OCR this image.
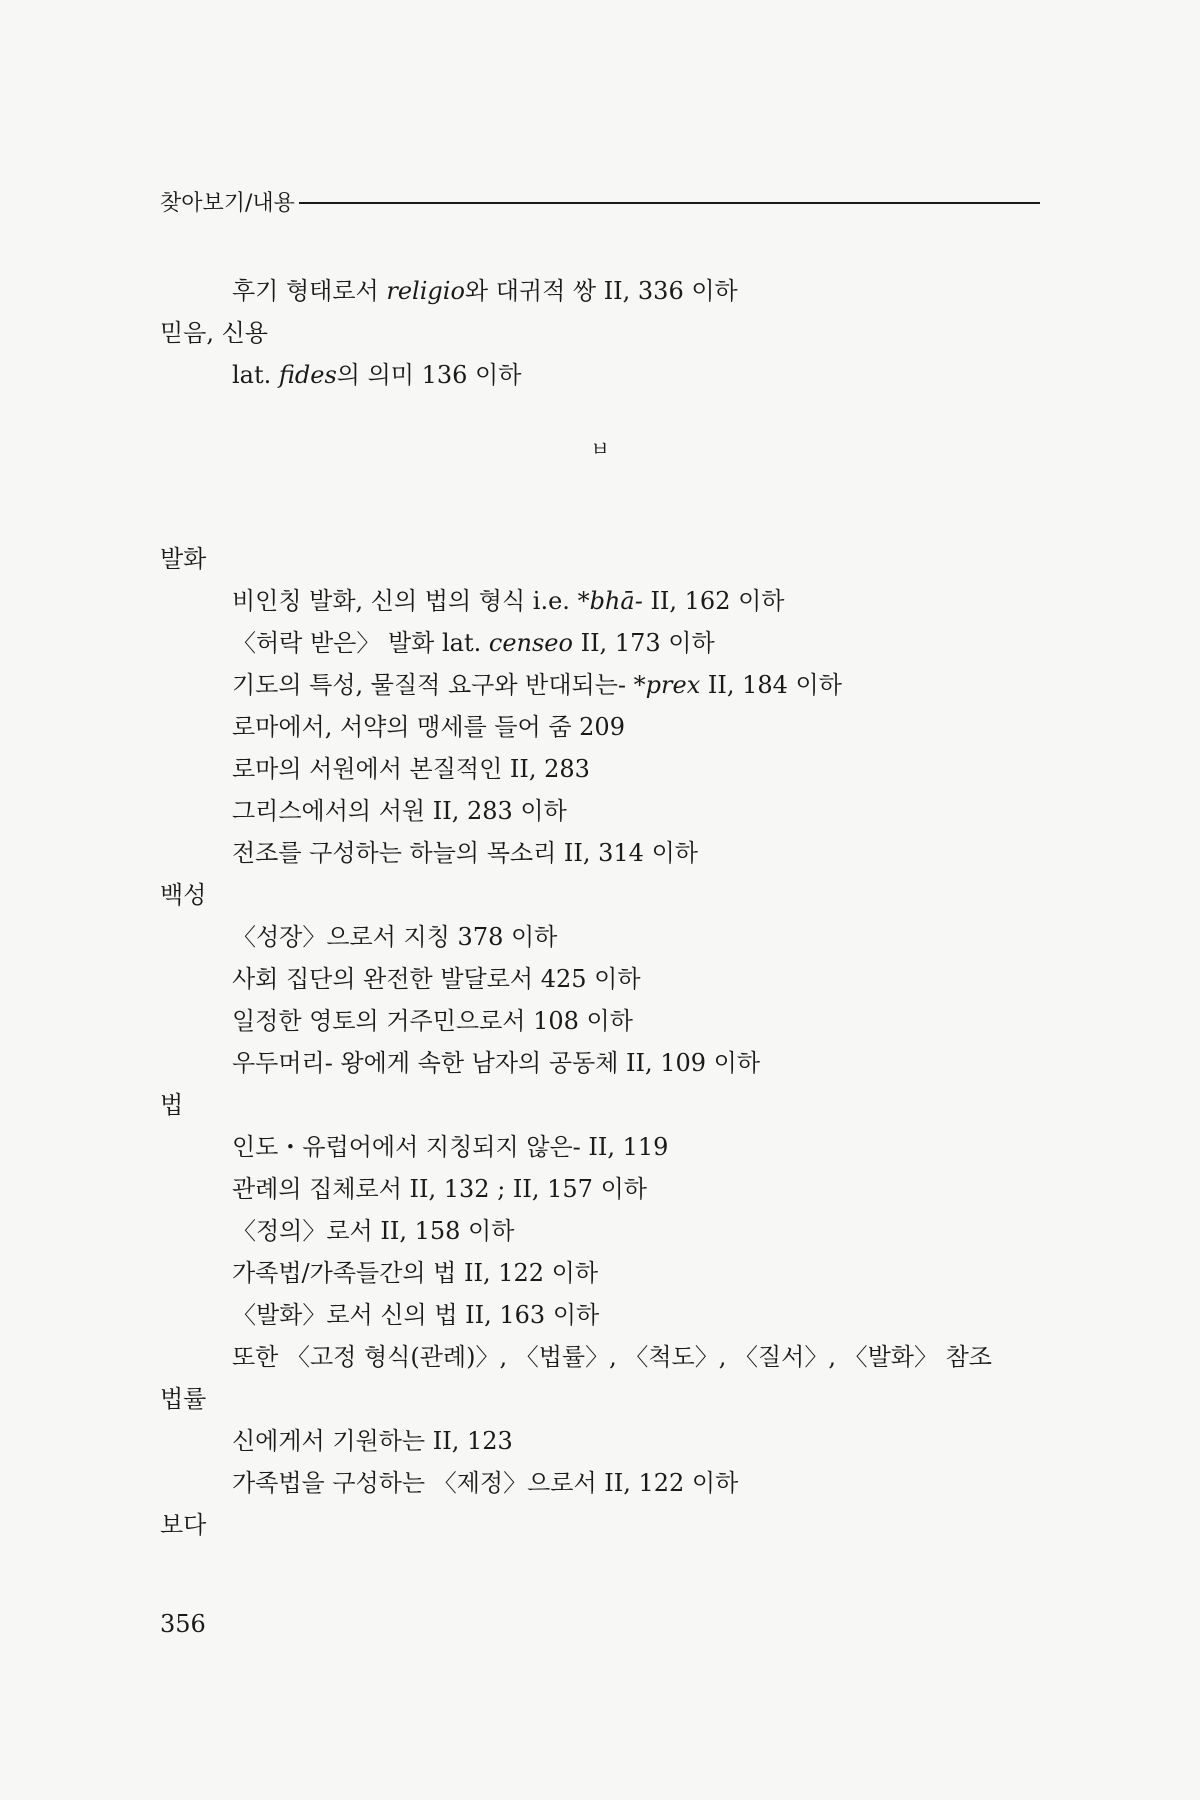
찾아보기/내용
후기 형태로서 religio와 대귀적 쌍 II, 336 이하
믿음, 신용
lat. fides의 의미 136 이하
ㅂ
발화
비인칭 발화, 신의 법의 형식 i.e. *bhā- II, 162 이하
〈허락 받은〉 발화 lat. censeo II, 173 이하
기도의 특성, 물질적 요구와 반대되는- *prex II, 184 이하
로마에서, 서약의 맹세를 들어 줌 209
로마의 서원에서 본질적인 II, 283
그리스에서의 서원 II, 283 이하
전조를 구성하는 하늘의 목소리 II, 314 이하
백성
〈성장〉으로서 지칭 378 이하
사회 집단의 완전한 발달로서 425 이하
일정한 영토의 거주민으로서 108 이하
우두머리- 왕에게 속한 남자의 공동체 II, 109 이하
법
인도・유럽어에서 지칭되지 않은- II, 119
관례의 집체로서 II, 132 ; II, 157 이하
〈정의〉로서 II, 158 이하
가족법/가족들간의 법 II, 122 이하
〈발화〉로서 신의 법 II, 163 이하
또한 〈고정 형식(관례)〉, 〈법률〉, 〈척도〉, 〈질서〉, 〈발화〉 참조
법률
신에게서 기원하는 II, 123
가족법을 구성하는 〈제정〉으로서 II, 122 이하
보다
356
